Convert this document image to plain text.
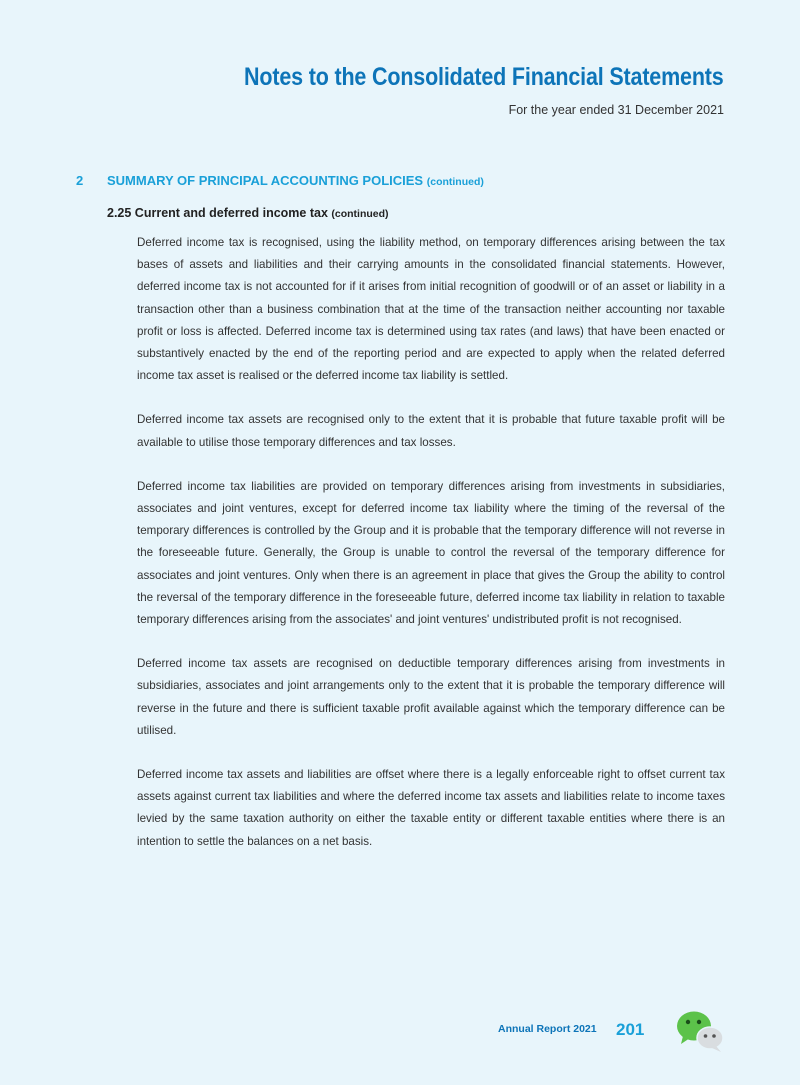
Notes to the Consolidated Financial Statements
For the year ended 31 December 2021
2 SUMMARY OF PRINCIPAL ACCOUNTING POLICIES (continued)
2.25 Current and deferred income tax (continued)

Deferred income tax is recognised, using the liability method, on temporary differences arising between the tax bases of assets and liabilities and their carrying amounts in the consolidated financial statements. However, deferred income tax is not accounted for if it arises from initial recognition of goodwill or of an asset or liability in a transaction other than a business combination that at the time of the transaction neither accounting nor taxable profit or loss is affected. Deferred income tax is determined using tax rates (and laws) that have been enacted or substantively enacted by the end of the reporting period and are expected to apply when the related deferred income tax asset is realised or the deferred income tax liability is settled.

Deferred income tax assets are recognised only to the extent that it is probable that future taxable profit will be available to utilise those temporary differences and tax losses.

Deferred income tax liabilities are provided on temporary differences arising from investments in subsidiaries, associates and joint ventures, except for deferred income tax liability where the timing of the reversal of the temporary differences is controlled by the Group and it is probable that the temporary difference will not reverse in the foreseeable future. Generally, the Group is unable to control the reversal of the temporary difference for associates and joint ventures. Only when there is an agreement in place that gives the Group the ability to control the reversal of the temporary difference in the foreseeable future, deferred income tax liability in relation to taxable temporary differences arising from the associates' and joint ventures' undistributed profit is not recognised.

Deferred income tax assets are recognised on deductible temporary differences arising from investments in subsidiaries, associates and joint arrangements only to the extent that it is probable the temporary difference will reverse in the future and there is sufficient taxable profit available against which the temporary difference can be utilised.

Deferred income tax assets and liabilities are offset where there is a legally enforceable right to offset current tax assets against current tax liabilities and where the deferred income tax assets and liabilities relate to income taxes levied by the same taxation authority on either the taxable entity or different taxable entities where there is an intention to settle the balances on a net basis.

Annual Report 2021 201
